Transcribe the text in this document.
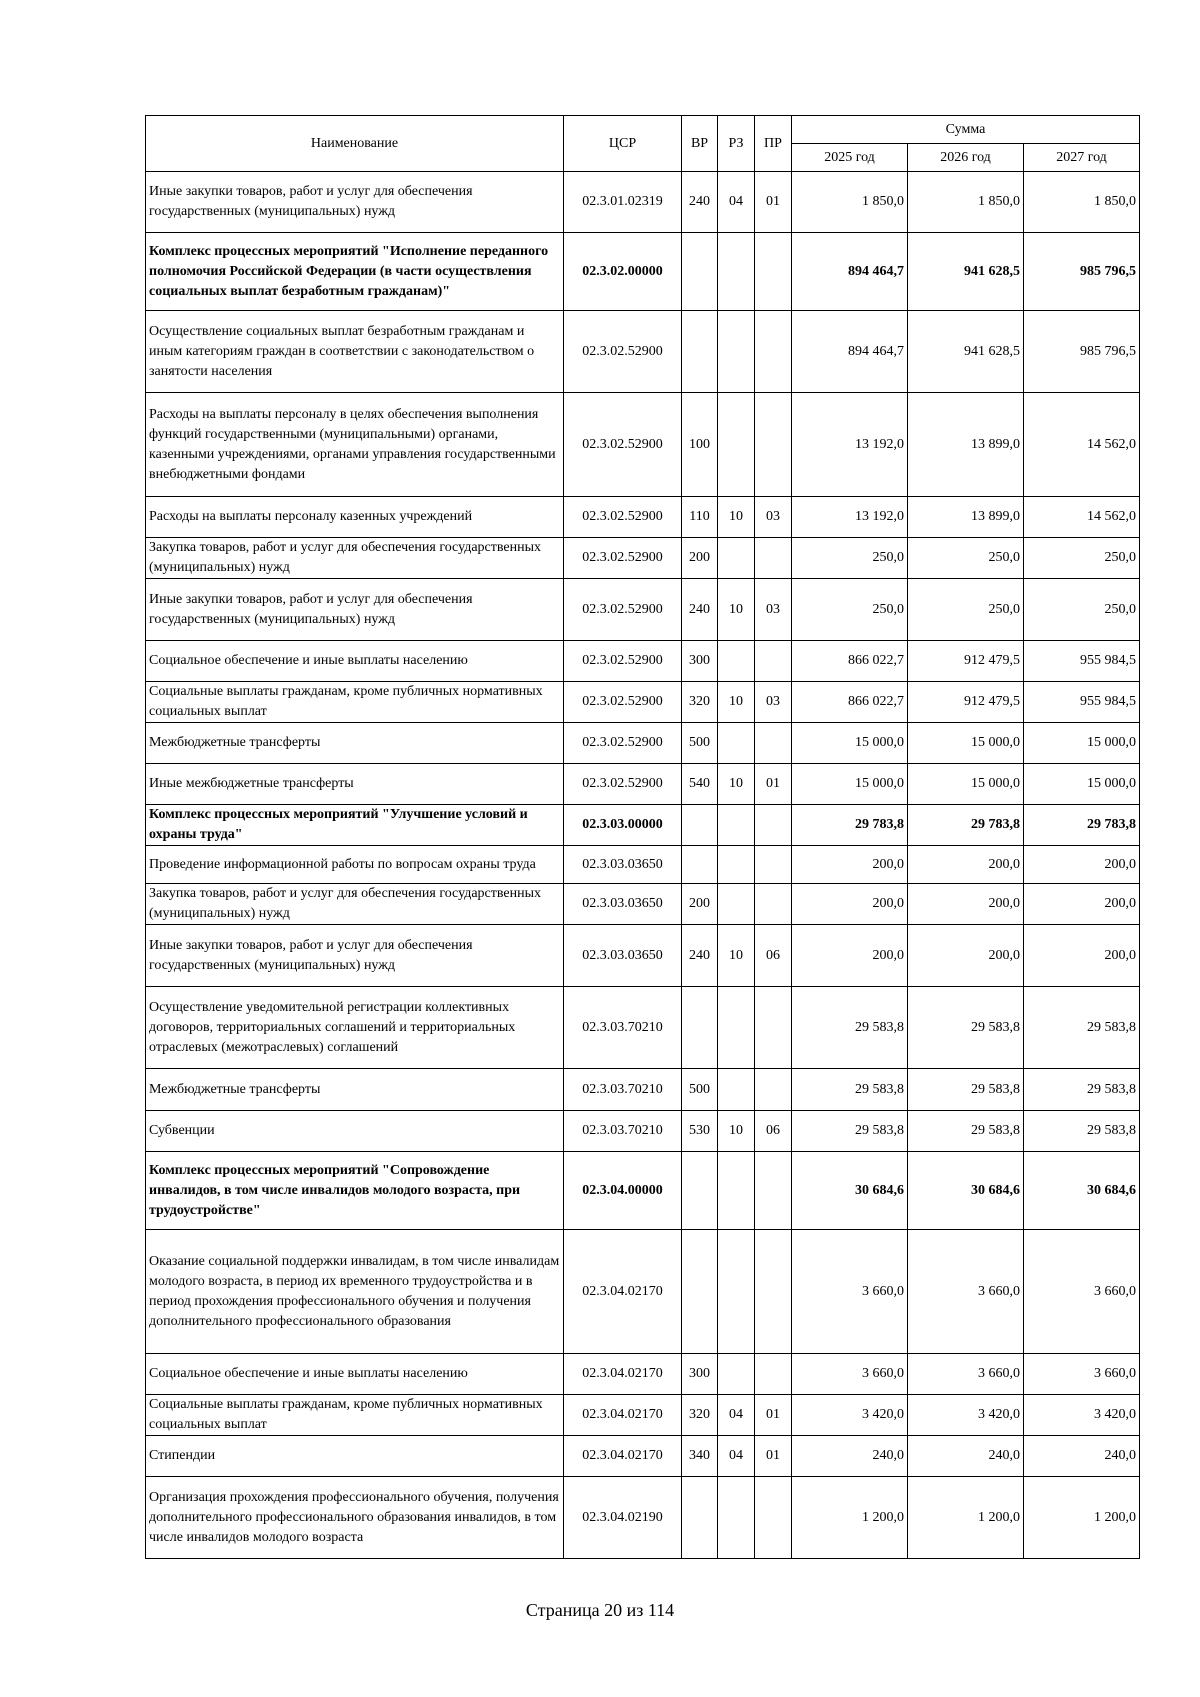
Наименование	ЦСР	ВР	РЗ	ПР	Сумма		
					2025 год	2026 год	2027 год
Иные закупки товаров, работ и услуг для обеспечения государственных (муниципальных) нужд	02.3.01.02319	240	04	01	1 850,0	1 850,0	1 850,0
Комплекс процессных мероприятий "Исполнение переданного полномочия Российской Федерации (в части осуществления социальных выплат безработным гражданам)"	02.3.02.00000				894 464,7	941 628,5	985 796,5
Осуществление социальных выплат безработным гражданам и иным категориям граждан в соответствии с законодательством о занятости населения	02.3.02.52900				894 464,7	941 628,5	985 796,5
Расходы на выплаты персоналу в целях обеспечения выполнения функций государственными (муниципальными) органами, казенными учреждениями, органами управления государственными внебюджетными фондами	02.3.02.52900	100			13 192,0	13 899,0	14 562,0
Расходы на выплаты персоналу казенных учреждений	02.3.02.52900	110	10	03	13 192,0	13 899,0	14 562,0
Закупка товаров, работ и услуг для обеспечения государственных (муниципальных) нужд	02.3.02.52900	200			250,0	250,0	250,0
Иные закупки товаров, работ и услуг для обеспечения государственных (муниципальных) нужд	02.3.02.52900	240	10	03	250,0	250,0	250,0
Социальное обеспечение и иные выплаты населению	02.3.02.52900	300			866 022,7	912 479,5	955 984,5
Социальные выплаты гражданам, кроме публичных нормативных социальных выплат	02.3.02.52900	320	10	03	866 022,7	912 479,5	955 984,5
Межбюджетные трансферты	02.3.02.52900	500			15 000,0	15 000,0	15 000,0
Иные межбюджетные трансферты	02.3.02.52900	540	10	01	15 000,0	15 000,0	15 000,0
Комплекс процессных мероприятий "Улучшение условий и охраны труда"	02.3.03.00000				29 783,8	29 783,8	29 783,8
Проведение информационной работы по вопросам охраны труда	02.3.03.03650				200,0	200,0	200,0
Закупка товаров, работ и услуг для обеспечения государственных (муниципальных) нужд	02.3.03.03650	200			200,0	200,0	200,0
Иные закупки товаров, работ и услуг для обеспечения государственных (муниципальных) нужд	02.3.03.03650	240	10	06	200,0	200,0	200,0
Осуществление уведомительной регистрации коллективных договоров, территориальных соглашений и территориальных отраслевых (межотраслевых) соглашений	02.3.03.70210				29 583,8	29 583,8	29 583,8
Межбюджетные трансферты	02.3.03.70210	500			29 583,8	29 583,8	29 583,8
Субвенции	02.3.03.70210	530	10	06	29 583,8	29 583,8	29 583,8
Комплекс процессных мероприятий "Сопровождение инвалидов, в том числе инвалидов молодого возраста, при трудоустройстве"	02.3.04.00000				30 684,6	30 684,6	30 684,6
Оказание социальной поддержки инвалидам, в том числе инвалидам молодого возраста, в период их временного трудоустройства и в период прохождения профессионального обучения и получения дополнительного профессионального образования	02.3.04.02170				3 660,0	3 660,0	3 660,0
Социальное обеспечение и иные выплаты населению	02.3.04.02170	300			3 660,0	3 660,0	3 660,0
Социальные выплаты гражданам, кроме публичных нормативных социальных выплат	02.3.04.02170	320	04	01	3 420,0	3 420,0	3 420,0
Стипендии	02.3.04.02170	340	04	01	240,0	240,0	240,0
Организация прохождения профессионального обучения, получения дополнительного профессионального образования инвалидов, в том числе инвалидов молодого возраста	02.3.04.02190				1 200,0	1 200,0	1 200,0
Страница 20 из 114
